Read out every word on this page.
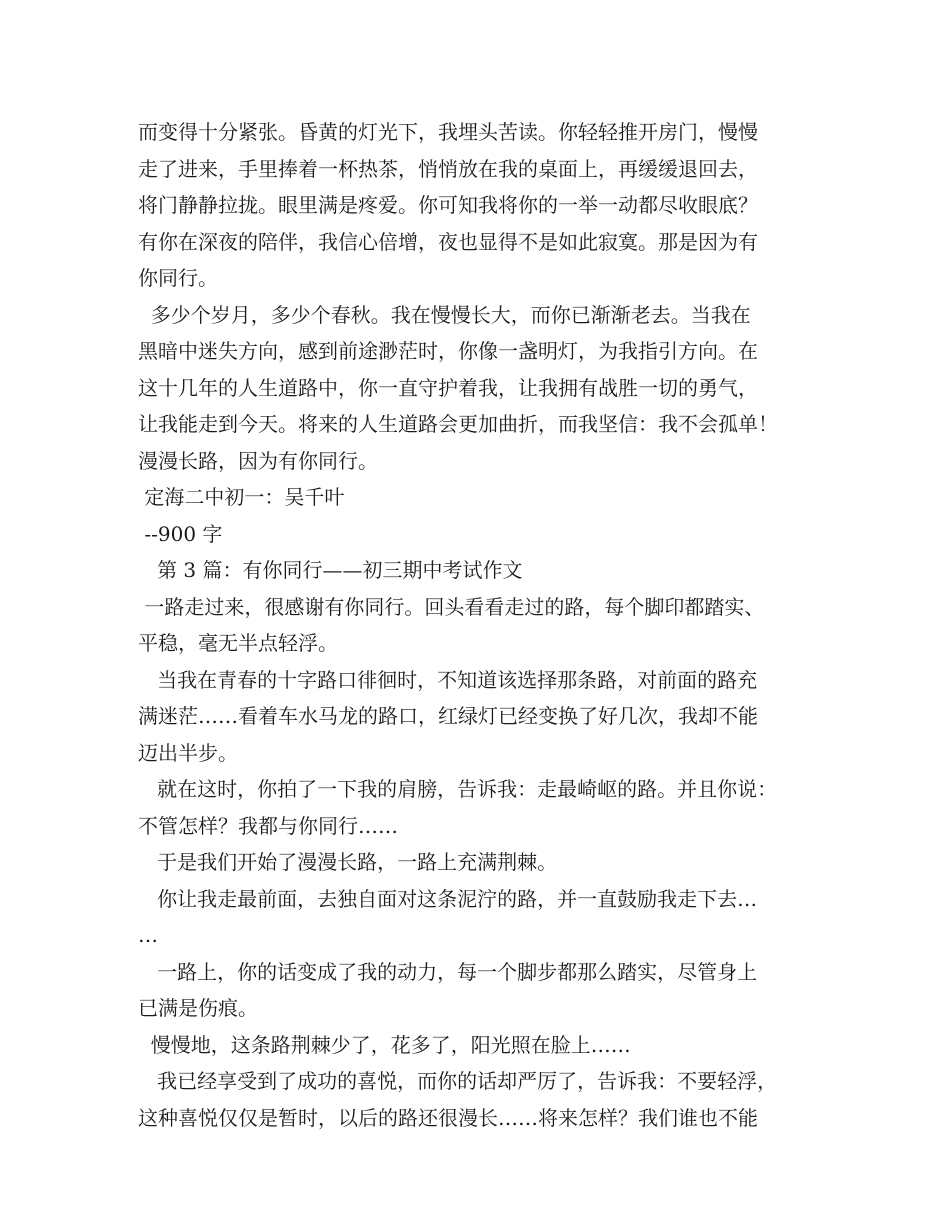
而变得十分紧张。昏黄的灯光下，我埋头苦读。你轻轻推开房门，慢慢
走了进来，手里捧着一杯热茶，悄悄放在我的桌面上，再缓缓退回去，
将门静静拉拢。眼里满是疼爱。你可知我将你的一举一动都尽收眼底？
有你在深夜的陪伴，我信心倍增，夜也显得不是如此寂寞。那是因为有
你同行。
多少个岁月，多少个春秋。我在慢慢长大，而你已渐渐老去。当我在
黑暗中迷失方向，感到前途渺茫时，你像一盏明灯，为我指引方向。在
这十几年的人生道路中，你一直守护着我，让我拥有战胜一切的勇气，
让我能走到今天。将来的人生道路会更加曲折，而我坚信：我不会孤单！
漫漫长路，因为有你同行。
定海二中初一：吴千叶
--900 字
第 3 篇：有你同行——初三期中考试作文
一路走过来，很感谢有你同行。回头看看走过的路，每个脚印都踏实、
平稳，毫无半点轻浮。
当我在青春的十字路口徘徊时，不知道该选择那条路，对前面的路充
满迷茫……看着车水马龙的路口，红绿灯已经变换了好几次，我却不能
迈出半步。
就在这时，你拍了一下我的肩膀，告诉我：走最崎岖的路。并且你说：
不管怎样？我都与你同行……
于是我们开始了漫漫长路，一路上充满荆棘。
你让我走最前面，去独自面对这条泥泞的路，并一直鼓励我走下去…
…
一路上，你的话变成了我的动力，每一个脚步都那么踏实，尽管身上
已满是伤痕。
慢慢地，这条路荆棘少了，花多了，阳光照在脸上……
我已经享受到了成功的喜悦，而你的话却严厉了，告诉我：不要轻浮，
这种喜悦仅仅是暂时，以后的路还很漫长……将来怎样？我们谁也不能
